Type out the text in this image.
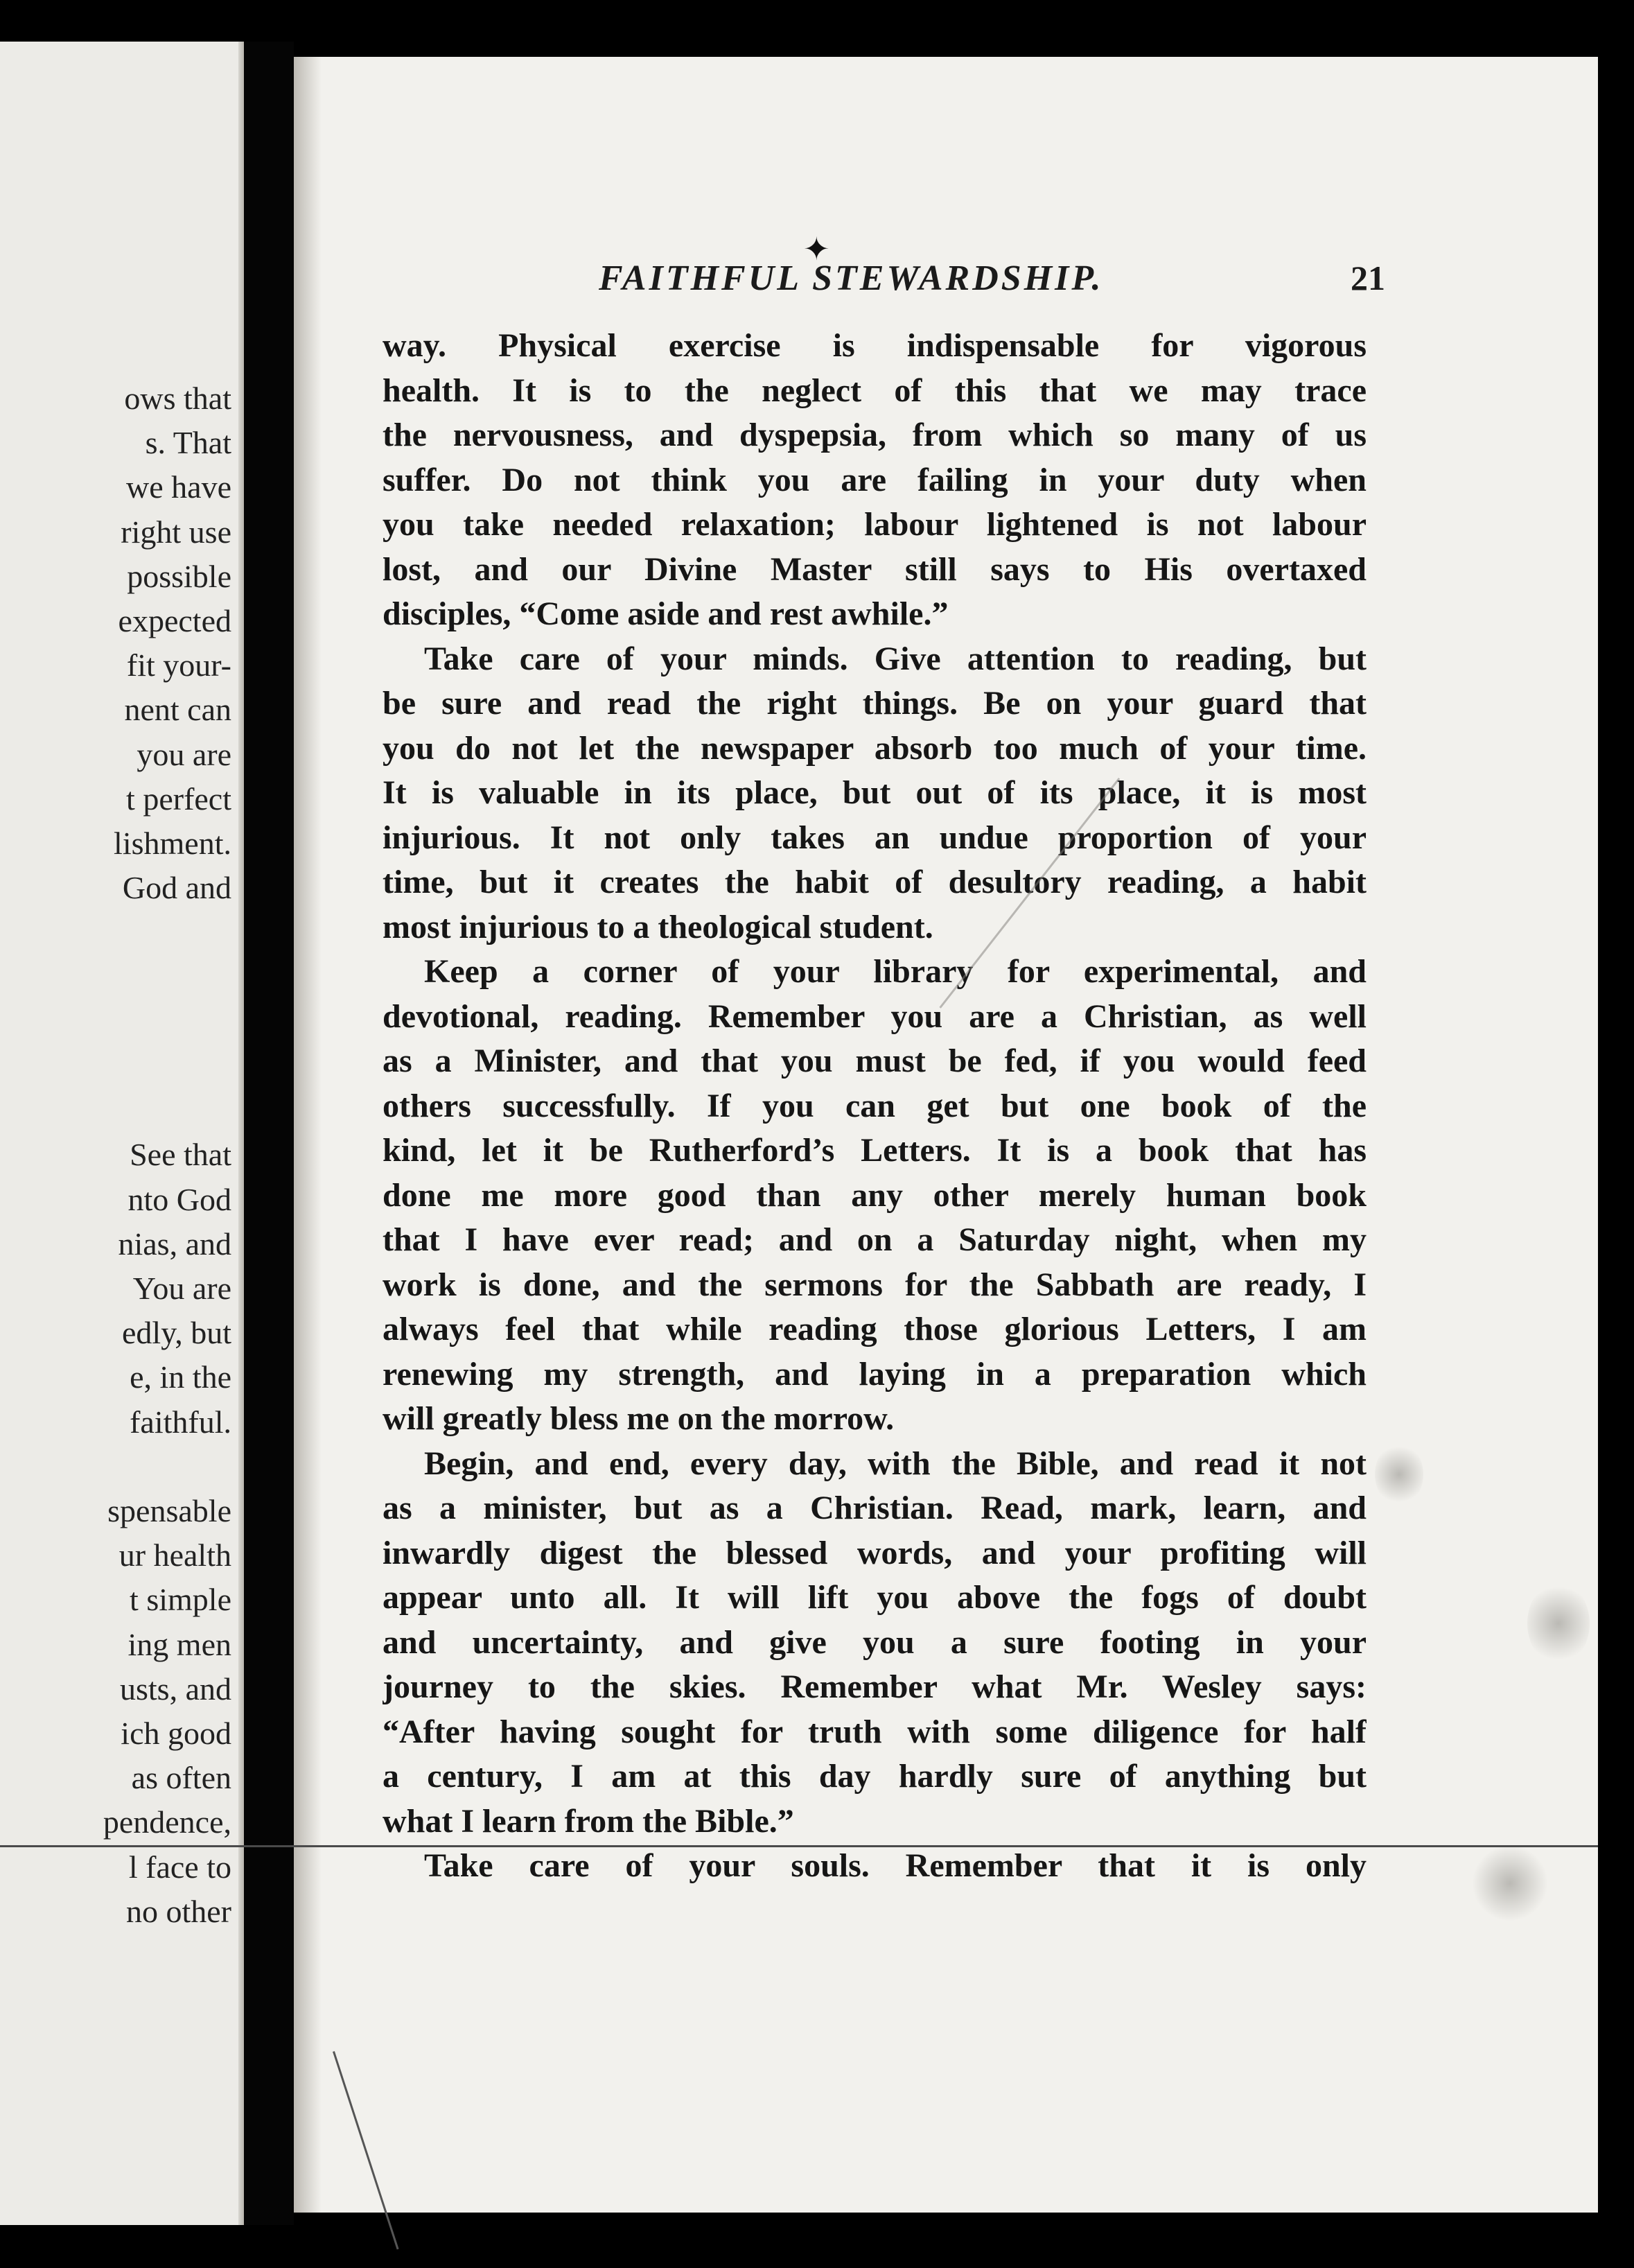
ows that
s. That
we have
right use
possible
expected
fit your-
nent can
you are
t perfect
lishment.
God and
See that
nto God
nias, and
You are
edly, but
e, in the
faithful.
spensable
ur health
t simple
ing men
usts, and
ich good
as often
pendence,
l face to
no other
✦
FAITHFUL STEWARDSHIP.	21
way. Physical exercise is indispensable for vigorous
health. It is to the neglect of this that we may trace
the nervousness, and dyspepsia, from which so many of us
suffer. Do not think you are failing in your duty when
you take needed relaxation; labour lightened is not labour
lost, and our Divine Master still says to His overtaxed
disciples, “Come aside and rest awhile.”
Take care of your minds. Give attention to reading, but
be sure and read the right things. Be on your guard that
you do not let the newspaper absorb too much of your time.
It is valuable in its place, but out of its place, it is most
injurious. It not only takes an undue proportion of your
time, but it creates the habit of desultory reading, a habit
most injurious to a theological student.
Keep a corner of your library for experimental, and
devotional, reading. Remember you are a Christian, as well
as a Minister, and that you must be fed, if you would feed
others successfully. If you can get but one book of the
kind, let it be Rutherford’s Letters. It is a book that has
done me more good than any other merely human book
that I have ever read; and on a Saturday night, when my
work is done, and the sermons for the Sabbath are ready, I
always feel that while reading those glorious Letters, I am
renewing my strength, and laying in a preparation which
will greatly bless me on the morrow.
Begin, and end, every day, with the Bible, and read it not
as a minister, but as a Christian. Read, mark, learn, and
inwardly digest the blessed words, and your profiting will
appear unto all. It will lift you above the fogs of doubt
and uncertainty, and give you a sure footing in your
journey to the skies. Remember what Mr. Wesley says:
“After having sought for truth with some diligence for half
a century, I am at this day hardly sure of anything but
what I learn from the Bible.”
Take care of your souls. Remember that it is only
